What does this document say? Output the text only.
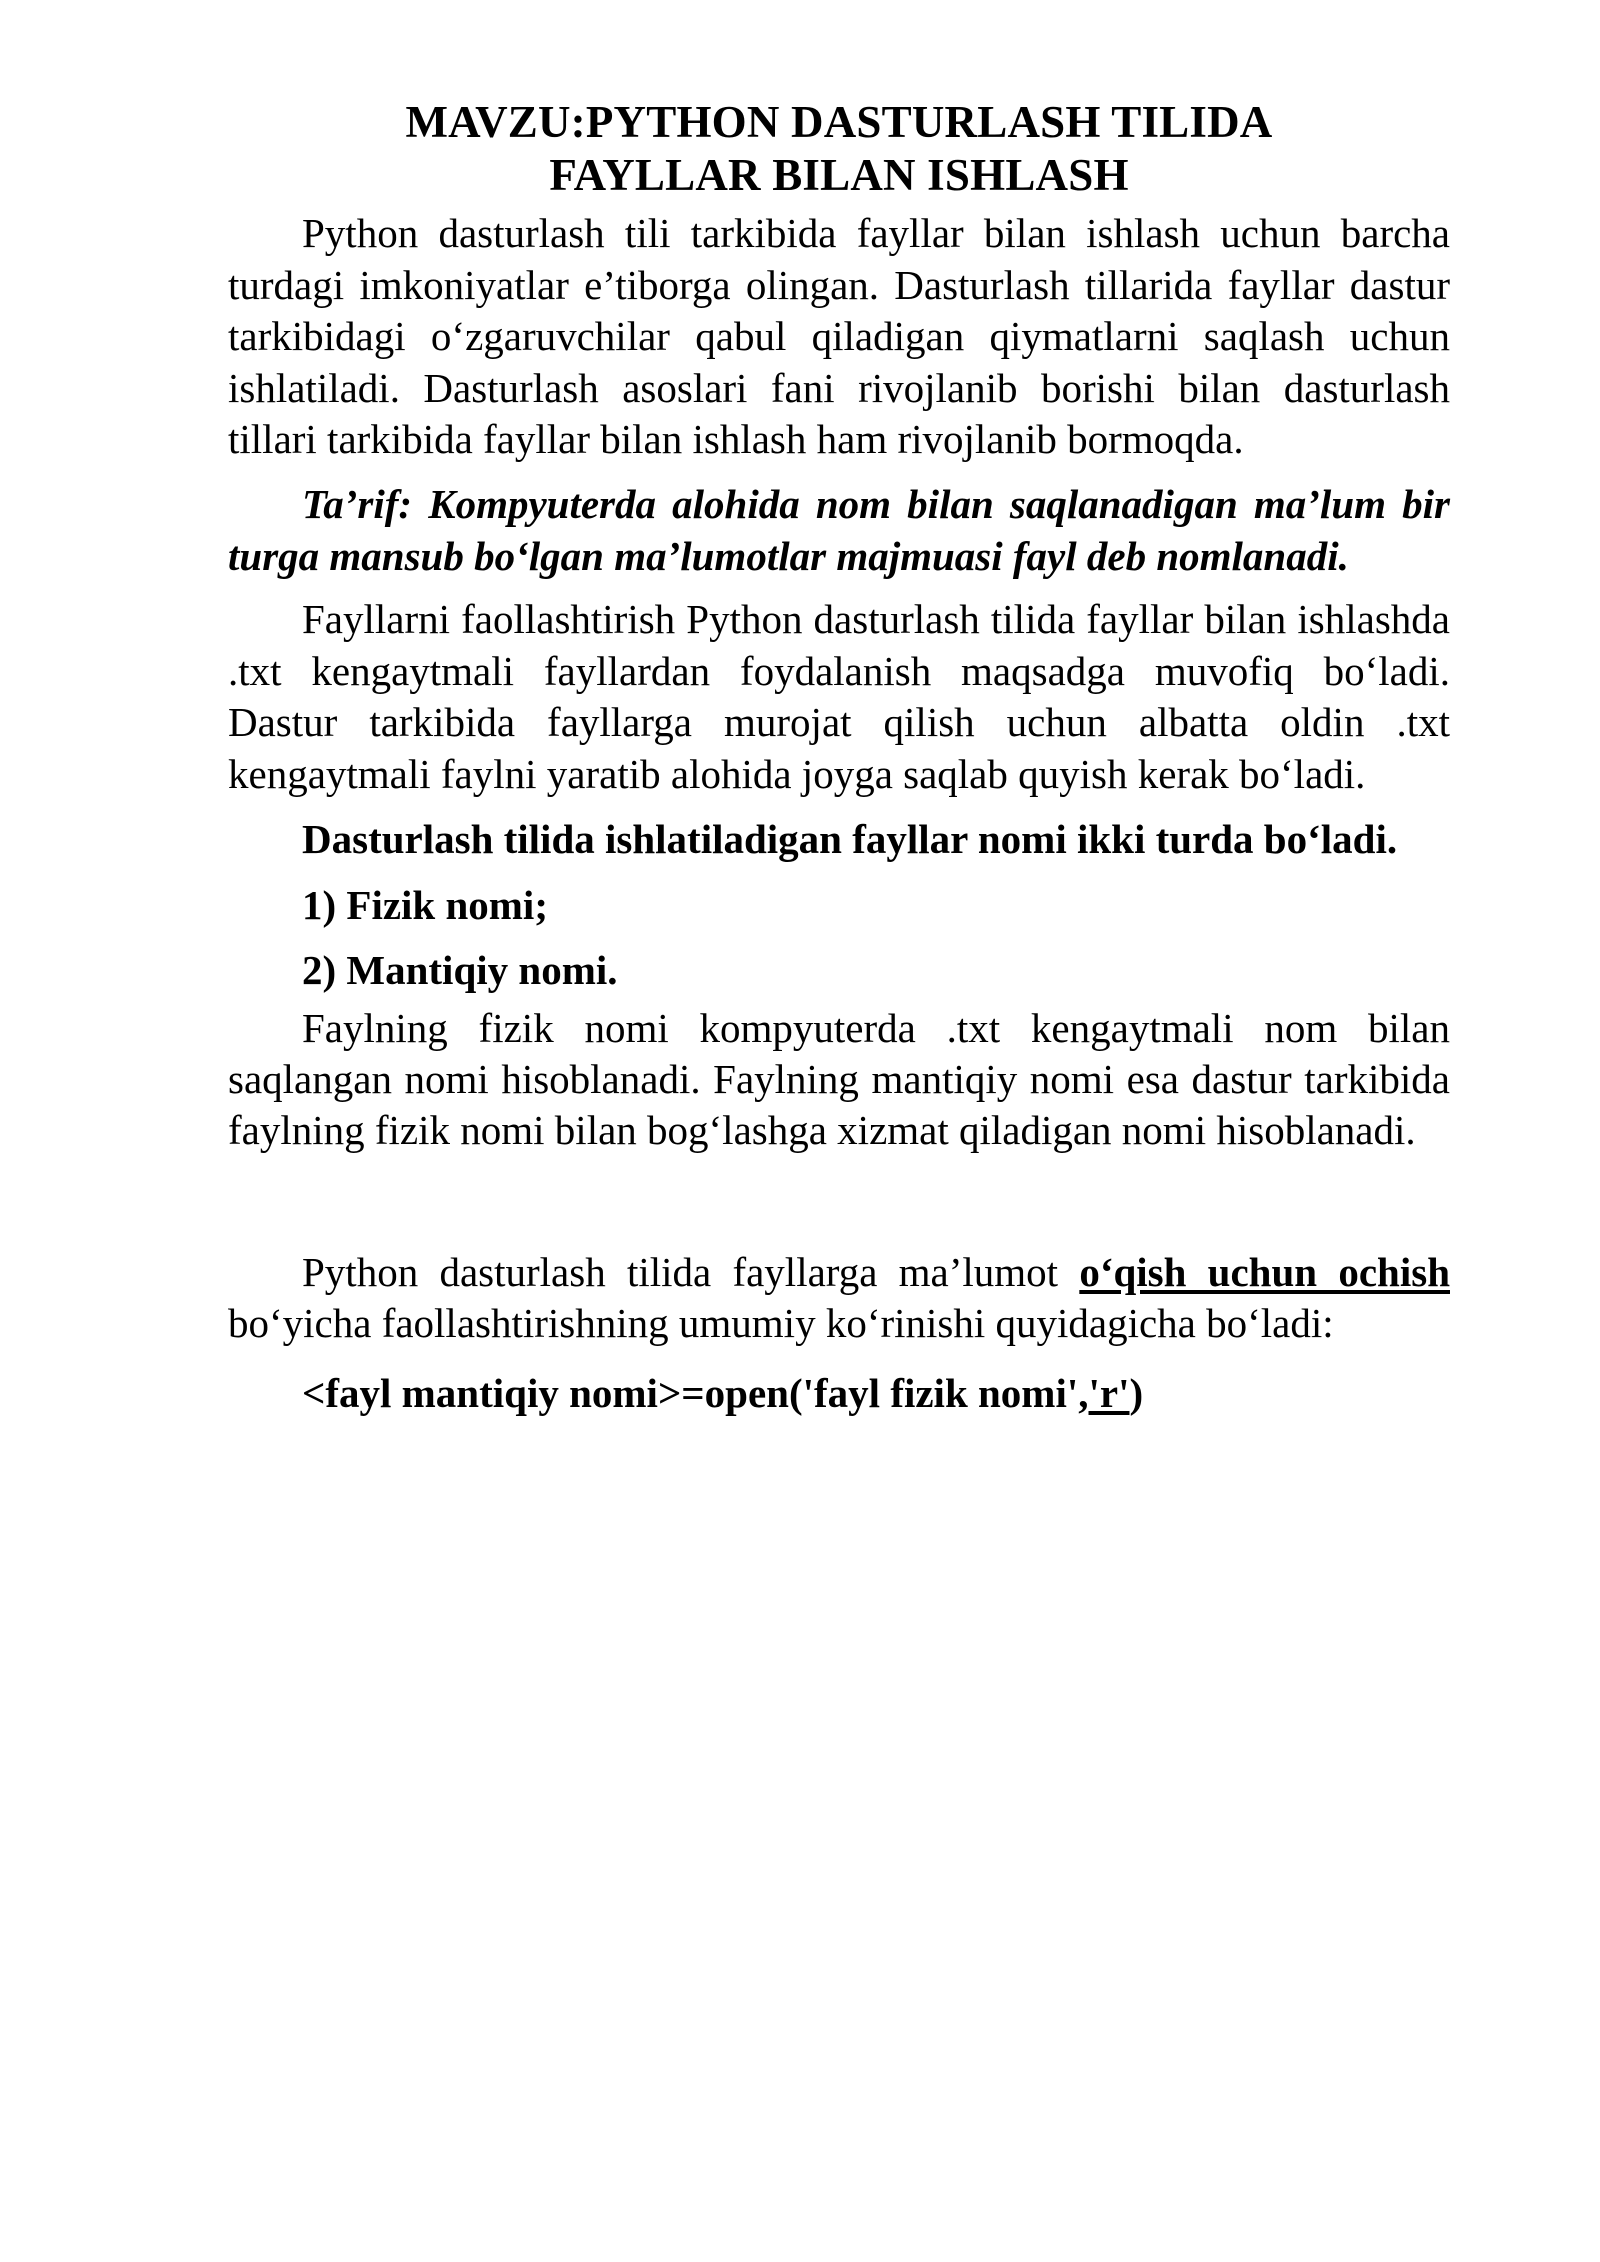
MAVZU:PYTHON DASTURLASH TILIDA
FAYLLAR BILAN ISHLASH

Python dasturlash tili tarkibida fayllar bilan ishlash uchun barcha turdagi imkoniyatlar e’tiborga olingan. Dasturlash tillarida fayllar dastur tarkibidagi o‘zgaruvchilar qabul qiladigan qiymatlarni saqlash uchun ishlatiladi. Dasturlash asoslari fani rivojlanib borishi bilan dasturlash tillari tarkibida fayllar bilan ishlash ham rivojlanib bormoqda.

Ta’rif: Kompyuterda alohida nom bilan saqlanadigan ma’lum bir turga mansub bo‘lgan ma’lumotlar majmuasi fayl deb nomlanadi.

Fayllarni faollashtirish Python dasturlash tilida fayllar bilan ishlashda .txt kengaytmali fayllardan foydalanish maqsadga muvofiq bo‘ladi. Dastur tarkibida fayllarga murojat qilish uchun albatta oldin .txt kengaytmali faylni yaratib alohida joyga saqlab quyish kerak bo‘ladi.

Dasturlash tilida ishlatiladigan fayllar nomi ikki turda bo‘ladi.

1) Fizik nomi;

2) Mantiqiy nomi.

Faylning fizik nomi kompyuterda .txt kengaytmali nom bilan saqlangan nomi hisoblanadi. Faylning mantiqiy nomi esa dastur tarkibida faylning fizik nomi bilan bog‘lashga xizmat qiladigan nomi hisoblanadi.

Python dasturlash tilida fayllarga ma’lumot o‘qish uchun ochish bo‘yicha faollashtirishning umumiy ko‘rinishi quyidagicha bo‘ladi:

<fayl mantiqiy nomi>=open('fayl fizik nomi','r')
